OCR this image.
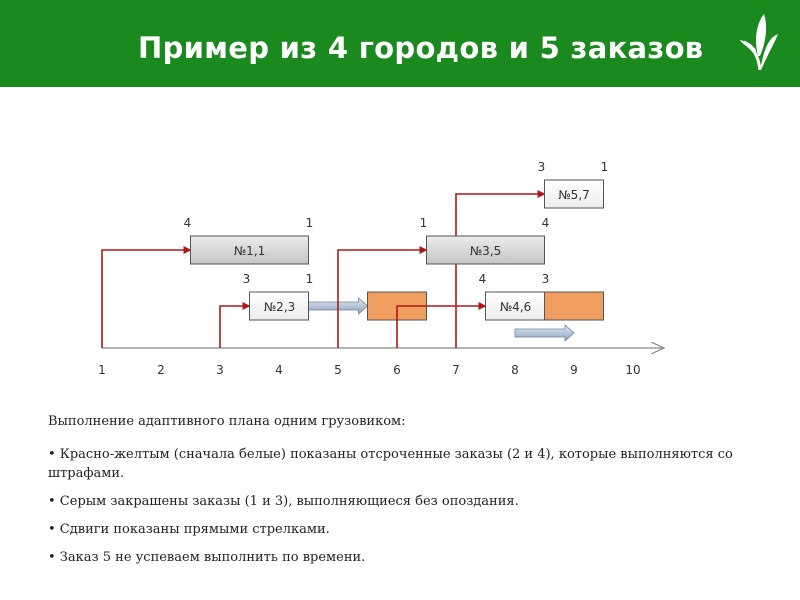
Пример из 4 городов и 5 заказов
1	2	3	4	5	6	7	8	9	10
№1,1
4	1
№2,3
3	1
№3,5
1	4
№4,6
4	3
№5,7
3	1

Выполнение адаптивного плана одним грузовиком:

• Красно-желтым (сначала белые) показаны отсроченные заказы (2 и 4), которые выполняются со штрафами.

• Серым закрашены заказы (1 и 3), выполняющиеся без опоздания.

• Сдвиги показаны прямыми стрелками.

• Заказ 5 не успеваем выполнить по времени.
